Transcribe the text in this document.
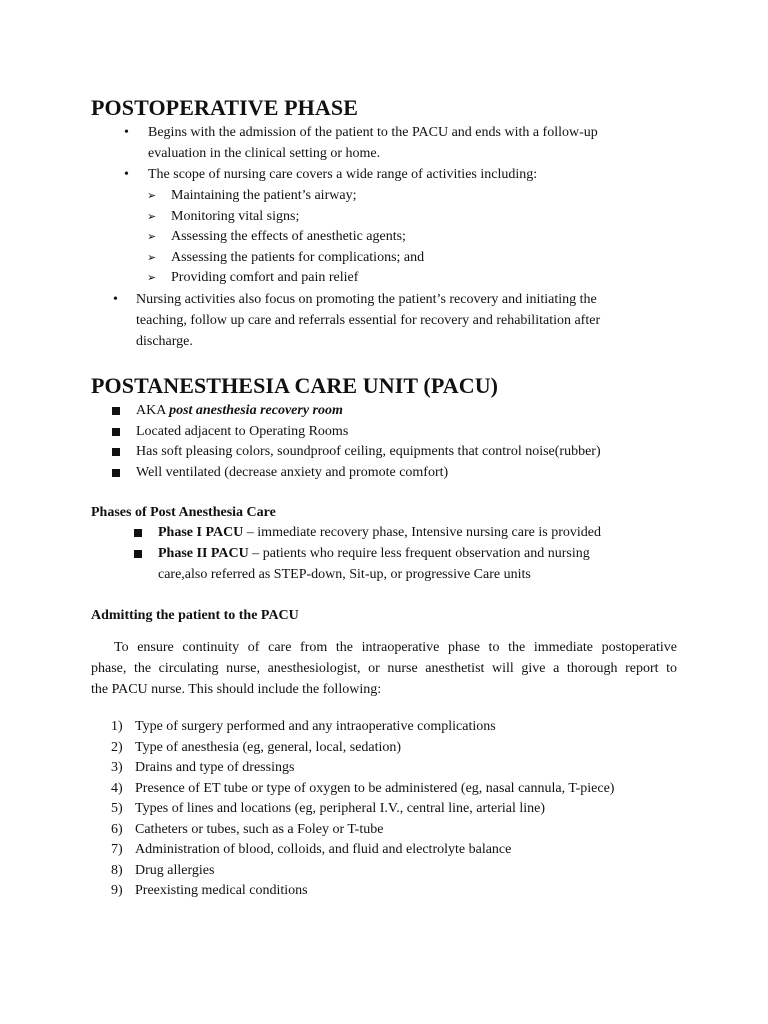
POSTOPERATIVE PHASE
• Begins with the admission of the patient to the PACU and ends with a follow-up
evaluation in the clinical setting or home.
• The scope of nursing care covers a wide range of activities including:
➢ Maintaining the patient’s airway;
➢ Monitoring vital signs;
➢ Assessing the effects of anesthetic agents;
➢ Assessing the patients for complications; and
➢ Providing comfort and pain relief
• Nursing activities also focus on promoting the patient’s recovery and initiating the
teaching, follow up care and referrals essential for recovery and rehabilitation after
discharge.
POSTANESTHESIA CARE UNIT (PACU)
AKA post anesthesia recovery room
Located adjacent to Operating Rooms
Has soft pleasing colors, soundproof ceiling, equipments that control noise(rubber)
Well ventilated (decrease anxiety and promote comfort)
Phases of Post Anesthesia Care
Phase I PACU – immediate recovery phase, Intensive nursing care is provided
Phase II PACU – patients who require less frequent observation and nursing
care,also referred as STEP-down, Sit-up, or progressive Care units
Admitting the patient to the PACU
To ensure continuity of care from the intraoperative phase to the immediate postoperative
phase, the circulating nurse, anesthesiologist, or nurse anesthetist will give a thorough report to
the PACU nurse. This should include the following:
1) Type of surgery performed and any intraoperative complications
2) Type of anesthesia (eg, general, local, sedation)
3) Drains and type of dressings
4) Presence of ET tube or type of oxygen to be administered (eg, nasal cannula, T-piece)
5) Types of lines and locations (eg, peripheral I.V., central line, arterial line)
6) Catheters or tubes, such as a Foley or T-tube
7) Administration of blood, colloids, and fluid and electrolyte balance
8) Drug allergies
9) Preexisting medical conditions
